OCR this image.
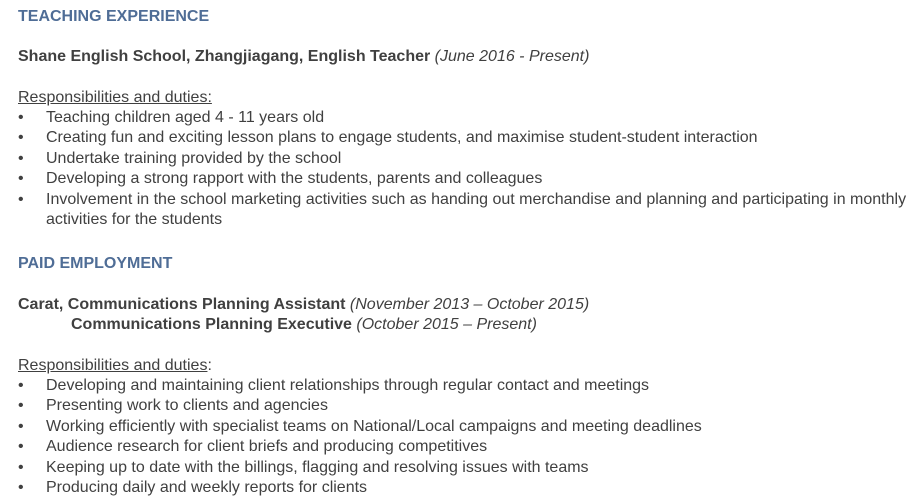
TEACHING EXPERIENCE
Shane English School, Zhangjiagang, English Teacher (June 2016 - Present)
Responsibilities and duties:
• Teaching children aged 4 - 11 years old
• Creating fun and exciting lesson plans to engage students, and maximise student-student interaction
• Undertake training provided by the school
• Developing a strong rapport with the students, parents and colleagues
• Involvement in the school marketing activities such as handing out merchandise and planning and participating in monthly activities for the students
PAID EMPLOYMENT
Carat, Communications Planning Assistant (November 2013 – October 2015)
Communications Planning Executive (October 2015 – Present)
Responsibilities and duties:
• Developing and maintaining client relationships through regular contact and meetings
• Presenting work to clients and agencies
• Working efficiently with specialist teams on National/Local campaigns and meeting deadlines
• Audience research for client briefs and producing competitives
• Keeping up to date with the billings, flagging and resolving issues with teams
• Producing daily and weekly reports for clients
